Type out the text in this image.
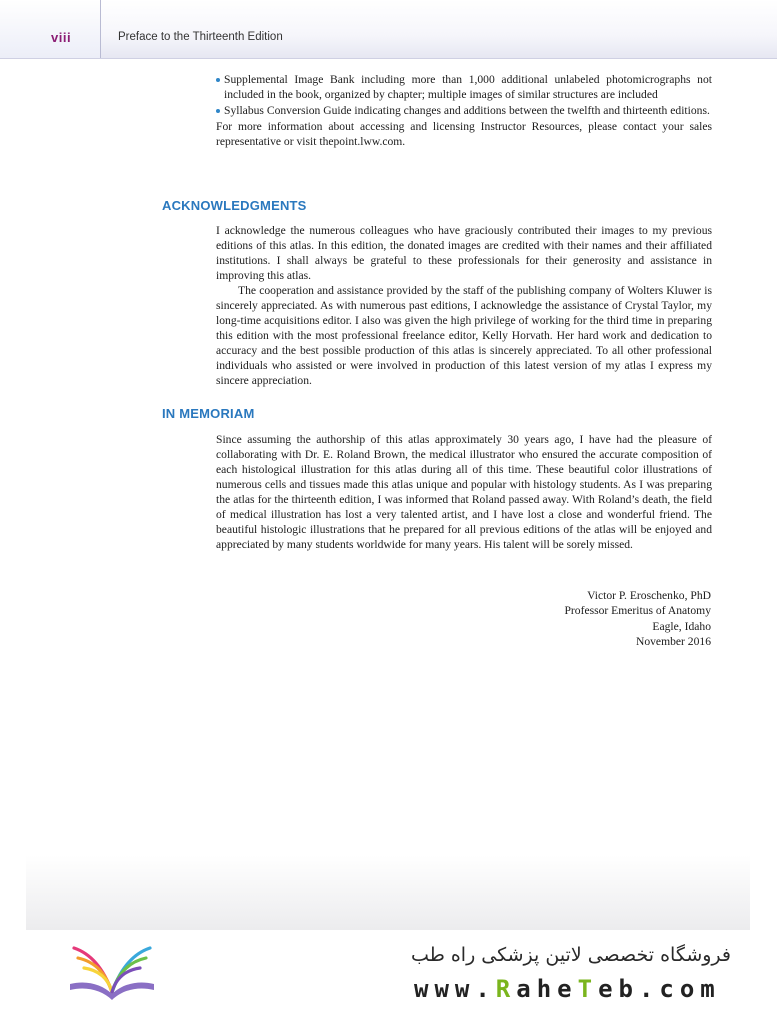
viii	Preface to the Thirteenth Edition
Supplemental Image Bank including more than 1,000 additional unlabeled photomicrographs not included in the book, organized by chapter; multiple images of similar structures are included
Syllabus Conversion Guide indicating changes and additions between the twelfth and thirteenth editions.

For more information about accessing and licensing Instructor Resources, please contact your sales representative or visit thepoint.lww.com.

ACKNOWLEDGMENTS

I acknowledge the numerous colleagues who have graciously contributed their images to my previous editions of this atlas. In this edition, the donated images are credited with their names and their affiliated institutions. I shall always be grateful to these professionals for their generosity and assistance in improving this atlas.

The cooperation and assistance provided by the staff of the publishing company of Wolters Kluwer is sincerely appreciated. As with numerous past editions, I acknowledge the assistance of Crystal Taylor, my long-time acquisitions editor. I also was given the high privilege of working for the third time in preparing this edition with the most professional freelance editor, Kelly Horvath. Her hard work and dedication to accuracy and the best possible production of this atlas is sincerely appreciated. To all other professional individuals who assisted or were involved in production of this latest version of my atlas I express my sincere appreciation.

IN MEMORIAM

Since assuming the authorship of this atlas approximately 30 years ago, I have had the pleasure of collaborating with Dr. E. Roland Brown, the medical illustrator who ensured the accurate composition of each histological illustration for this atlas during all of this time. These beautiful color illustrations of numerous cells and tissues made this atlas unique and popular with histology students. As I was preparing the atlas for the thirteenth edition, I was informed that Roland passed away. With Roland’s death, the field of medical illustration has lost a very talented artist, and I have lost a close and wonderful friend. The beautiful histologic illustrations that he prepared for all previous editions of the atlas will be enjoyed and appreciated by many students worldwide for many years. His talent will be sorely missed.

Victor P. Eroschenko, PhD
Professor Emeritus of Anatomy
Eagle, Idaho
November 2016
فروشگاه تخصصی لاتین پزشکی راه طب
www.RaheTeb.com
